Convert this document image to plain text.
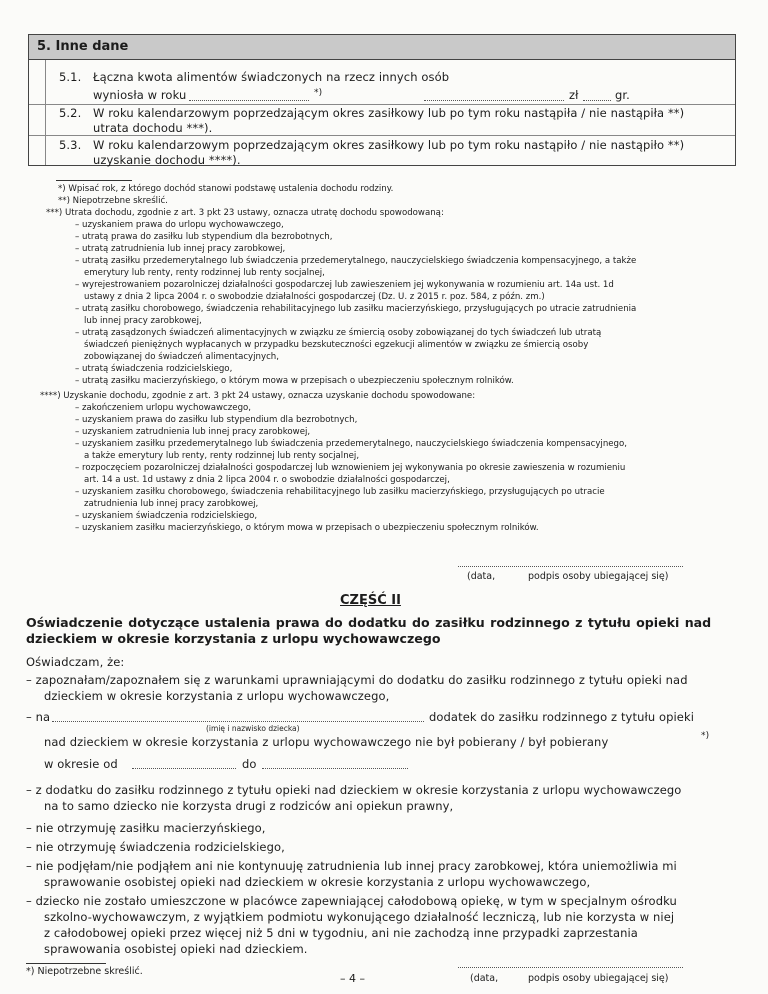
5. Inne dane
5.1. Łączna kwota alimentów świadczonych na rzecz innych osób
wyniosła w roku	*)	zł	gr.
5.2. W roku kalendarzowym poprzedzającym okres zasiłkowy lub po tym roku nastąpiła / nie nastąpiła **)
utrata dochodu ***).
5.3. W roku kalendarzowym poprzedzającym okres zasiłkowy lub po tym roku nastąpiło / nie nastąpiło **)
uzyskanie dochodu ****).
*) Wpisać rok, z którego dochód stanowi podstawę ustalenia dochodu rodziny.
**) Niepotrzebne skreślić.
***) Utrata dochodu, zgodnie z art. 3 pkt 23 ustawy, oznacza utratę dochodu spowodowaną:
– uzyskaniem prawa do urlopu wychowawczego,
– utratą prawa do zasiłku lub stypendium dla bezrobotnych,
– utratą zatrudnienia lub innej pracy zarobkowej,
– utratą zasiłku przedemerytalnego lub świadczenia przedemerytalnego, nauczycielskiego świadczenia kompensacyjnego, a także
emerytury lub renty, renty rodzinnej lub renty socjalnej,
– wyrejestrowaniem pozarolniczej działalności gospodarczej lub zawieszeniem jej wykonywania w rozumieniu art. 14a ust. 1d
ustawy z dnia 2 lipca 2004 r. o swobodzie działalności gospodarczej (Dz. U. z 2015 r. poz. 584, z późn. zm.)
– utratą zasiłku chorobowego, świadczenia rehabilitacyjnego lub zasiłku macierzyńskiego, przysługujących po utracie zatrudnienia
lub innej pracy zarobkowej,
– utratą zasądzonych świadczeń alimentacyjnych w związku ze śmiercią osoby zobowiązanej do tych świadczeń lub utratą
świadczeń pieniężnych wypłacanych w przypadku bezskuteczności egzekucji alimentów w związku ze śmiercią osoby
zobowiązanej do świadczeń alimentacyjnych,
– utratą świadczenia rodzicielskiego,
– utratą zasiłku macierzyńskiego, o którym mowa w przepisach o ubezpieczeniu społecznym rolników.
****) Uzyskanie dochodu, zgodnie z art. 3 pkt 24 ustawy, oznacza uzyskanie dochodu spowodowane:
– zakończeniem urlopu wychowawczego,
– uzyskaniem prawa do zasiłku lub stypendium dla bezrobotnych,
– uzyskaniem zatrudnienia lub innej pracy zarobkowej,
– uzyskaniem zasiłku przedemerytalnego lub świadczenia przedemerytalnego, nauczycielskiego świadczenia kompensacyjnego,
a także emerytury lub renty, renty rodzinnej lub renty socjalnej,
– rozpoczęciem pozarolniczej działalności gospodarczej lub wznowieniem jej wykonywania po okresie zawieszenia w rozumieniu
art. 14 a ust. 1d ustawy z dnia 2 lipca 2004 r. o swobodzie działalności gospodarczej,
– uzyskaniem zasiłku chorobowego, świadczenia rehabilitacyjnego lub zasiłku macierzyńskiego, przysługujących po utracie
zatrudnienia lub innej pracy zarobkowej,
– uzyskaniem świadczenia rodzicielskiego,
– uzyskaniem zasiłku macierzyńskiego, o którym mowa w przepisach o ubezpieczeniu społecznym rolników.
(data,	podpis osoby ubiegającej się)
CZĘŚĆ II
Oświadczenie dotyczące ustalenia prawa do dodatku do zasiłku rodzinnego z tytułu opieki nad
dzieckiem w okresie korzystania z urlopu wychowawczego
Oświadczam, że:
– zapoznałam/zapoznałem się z warunkami uprawniającymi do dodatku do zasiłku rodzinnego z tytułu opieki nad
dzieckiem w okresie korzystania z urlopu wychowawczego,
– na	dodatek do zasiłku rodzinnego z tytułu opieki
(imię i nazwisko dziecka)
nad dzieckiem w okresie korzystania z urlopu wychowawczego nie był pobierany / był pobierany	*)
w okresie od	do
– z dodatku do zasiłku rodzinnego z tytułu opieki nad dzieckiem w okresie korzystania z urlopu wychowawczego
na to samo dziecko nie korzysta drugi z rodziców ani opiekun prawny,
– nie otrzymuję zasiłku macierzyńskiego,
– nie otrzymuję świadczenia rodzicielskiego,
– nie podjęłam/nie podjąłem ani nie kontynuuję zatrudnienia lub innej pracy zarobkowej, która uniemożliwia mi
sprawowanie osobistej opieki nad dzieckiem w okresie korzystania z urlopu wychowawczego,
– dziecko nie zostało umieszczone w placówce zapewniającej całodobową opiekę, w tym w specjalnym ośrodku
szkolno-wychowawczym, z wyjątkiem podmiotu wykonującego działalność leczniczą, lub nie korzysta w niej
z całodobowej opieki przez więcej niż 5 dni w tygodniu, ani nie zachodzą inne przypadki zaprzestania
sprawowania osobistej opieki nad dzieckiem.
*) Niepotrzebne skreślić.
(data,	podpis osoby ubiegającej się)
– 4 –
